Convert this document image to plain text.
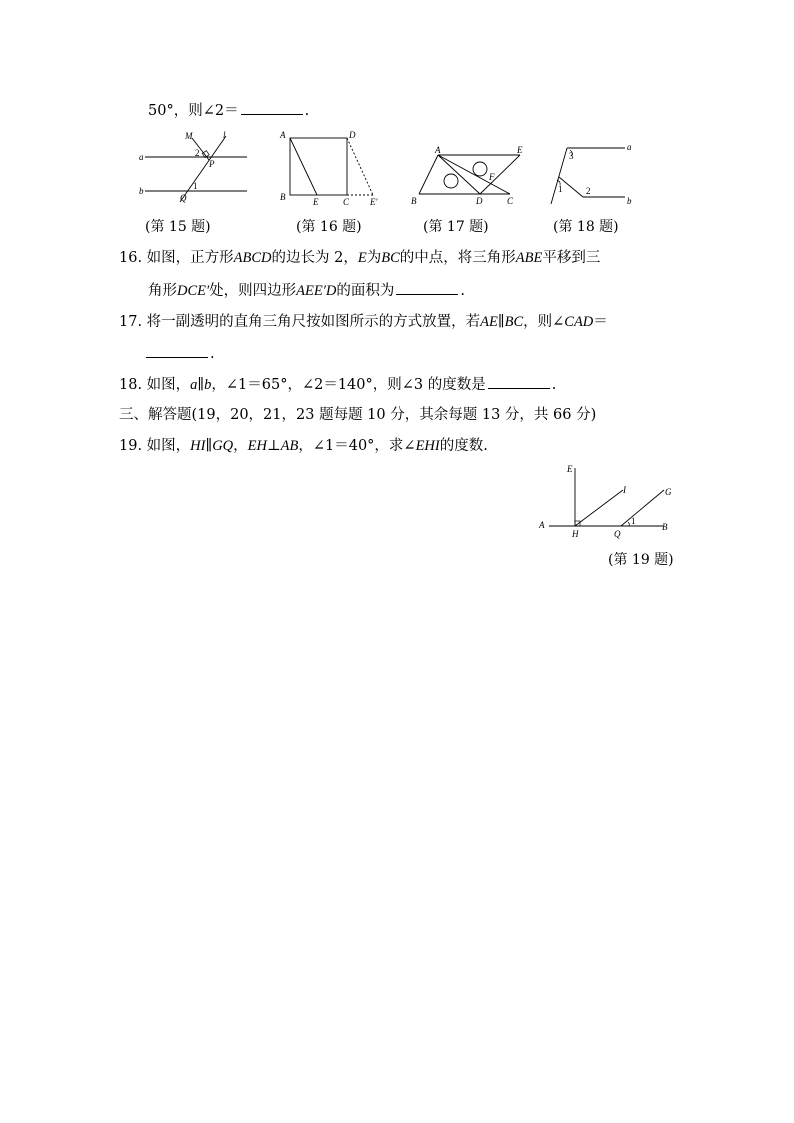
50°，则∠2＝	.
M	l
a	2
P
b	1
Q
(第 15 题)
A	D
B	E	C E′
(第 16 题)
A	E
F
B	D	C
(第 17 题)
3
a
1	2
b
(第 18 题)
16. 如图，正方形ABCD的边长为 2，E为BC的中点，将三角形ABE平移到三
角形DCE′处，则四边形AEE′D的面积为	.
17. 将一副透明的直角三角尺按如图所示的方式放置，若AE∥BC，则∠CAD＝
.
18. 如图，a∥b，∠1＝65°，∠2＝140°，则∠3 的度数是	.
三、解答题(19，20，21，23 题每题 10 分，其余每题 13 分，共 66 分)
19. 如图，HI∥GQ，EH⊥AB，∠1＝40°，求∠EHI的度数.
E
I	G
A
H	Q
1
B
(第 19 题)
